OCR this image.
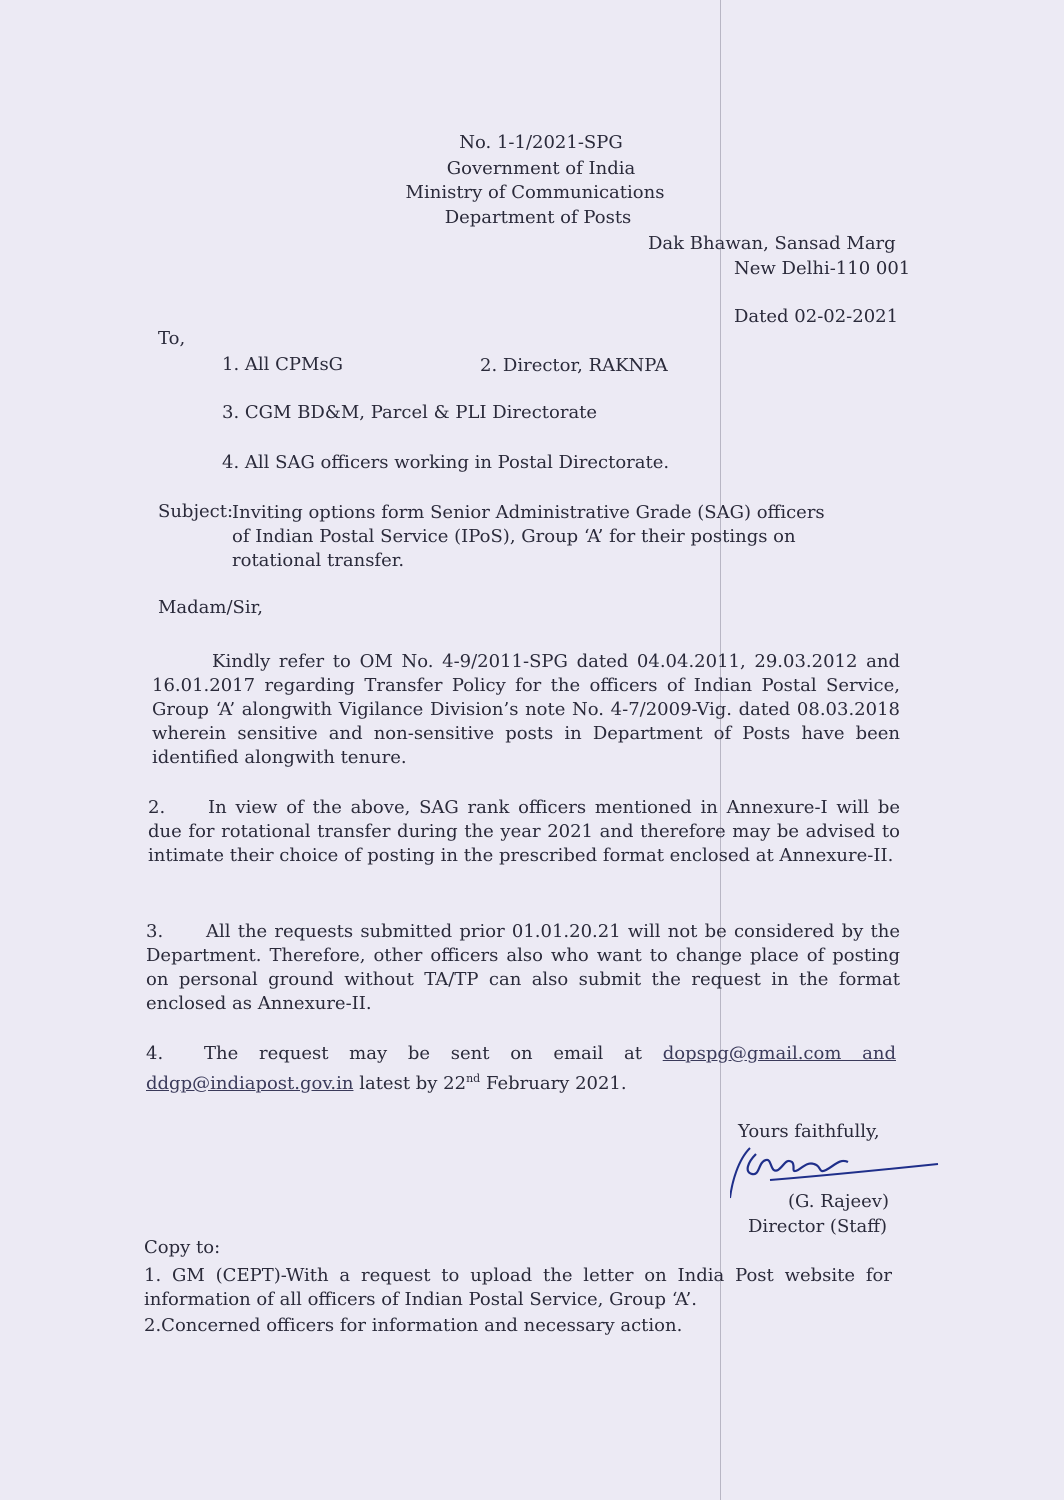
No. 1-1/2021-SPG
Government of India
Ministry of Communications
Department of Posts
Dak Bhawan, Sansad Marg
New Delhi-110 001
Dated 02-02-2021
To,
1. All CPMsG	2. Director, RAKNPA
3. CGM BD&M, Parcel & PLI Directorate
4. All SAG officers working in Postal Directorate.
Subject:
Inviting options form Senior Administrative Grade (SAG) officers
of Indian Postal Service (IPoS), Group ‘A’ for their postings on
rotational transfer.
Madam/Sir,
Kindly refer to OM No. 4-9/2011-SPG dated 04.04.2011, 29.03.2012 and 16.01.2017 regarding Transfer Policy for the officers of Indian Postal Service, Group ‘A’ alongwith Vigilance Division’s note No. 4-7/2009-Vig. dated 08.03.2018 wherein sensitive and non-sensitive posts in Department of Posts have been identified alongwith tenure.
2. In view of the above, SAG rank officers mentioned in Annexure-I will be due for rotational transfer during the year 2021 and therefore may be advised to intimate their choice of posting in the prescribed format enclosed at Annexure-II.
3. All the requests submitted prior 01.01.20.21 will not be considered by the Department. Therefore, other officers also who want to change place of posting on personal ground without TA/TP can also submit the request in the format enclosed as Annexure-II.
4. The request may be sent on email at dopspg@gmail.com and
ddgp@indiapost.gov.in latest by 22nd February 2021.
Yours faithfully,
(G. Rajeev)
Director (Staff)
Copy to:
1. GM (CEPT)-With a request to upload the letter on India Post website for information of all officers of Indian Postal Service, Group ‘A’.
2.Concerned officers for information and necessary action.
